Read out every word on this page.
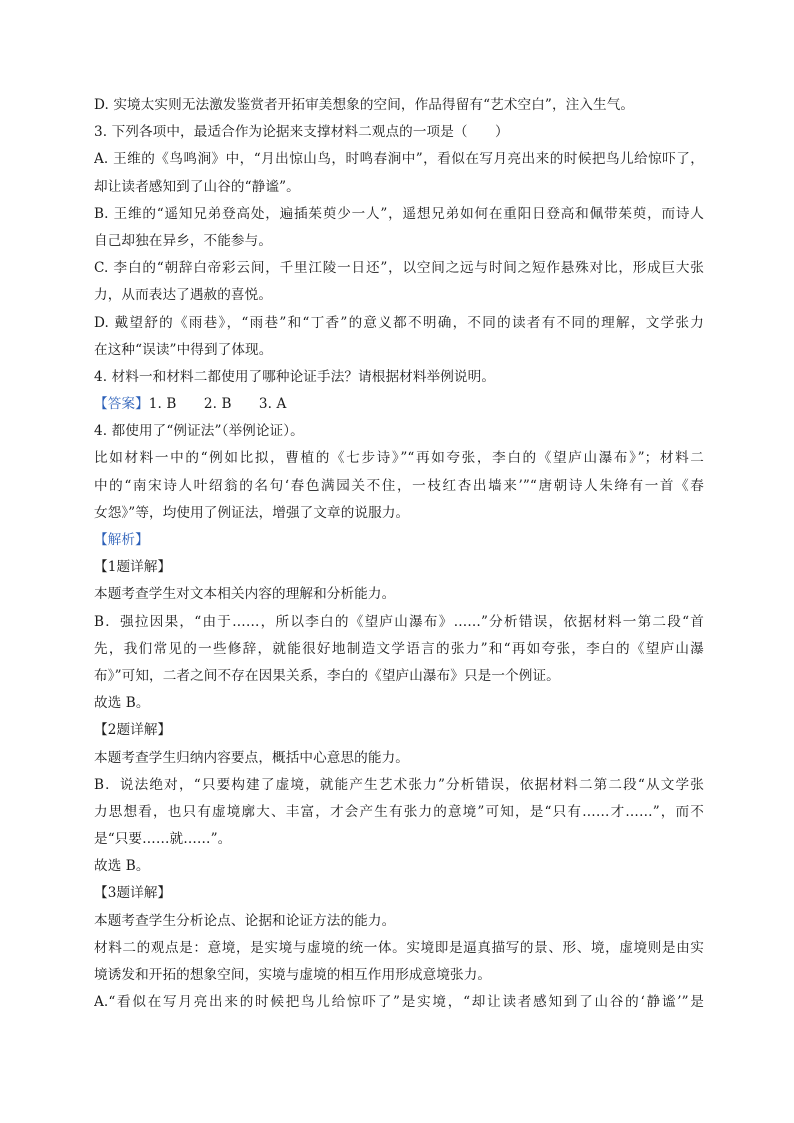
D. 实境太实则无法激发鉴赏者开拓审美想象的空间，作品得留有“艺术空白”，注入生气。
3. 下列各项中，最适合作为论据来支撑材料二观点的一项是（　　）
A. 王维的《鸟鸣涧》中，“月出惊山鸟，时鸣春涧中”，看似在写月亮出来的时候把鸟儿给惊吓了，
却让读者感知到了山谷的“静谧”。
B. 王维的“遥知兄弟登高处，遍插茱萸少一人”，遥想兄弟如何在重阳日登高和佩带茱萸，而诗人
自己却独在异乡，不能参与。
C. 李白的“朝辞白帝彩云间，千里江陵一日还”，以空间之远与时间之短作悬殊对比，形成巨大张
力，从而表达了遇赦的喜悦。
D. 戴望舒的《雨巷》，“雨巷”和“丁香”的意义都不明确，不同的读者有不同的理解，文学张力
在这种“误读”中得到了体现。
4. 材料一和材料二都使用了哪种论证手法？请根据材料举例说明。
【答案】1. B　　2. B　　3. A
4. 都使用了“例证法”（举例论证）。
比如材料一中的“例如比拟，曹植的《七步诗》”“再如夸张，李白的《望庐山瀑布》”；材料二
中的“南宋诗人叶绍翁的名句‘春色满园关不住，一枝红杏出墙来’”“唐朝诗人朱绛有一首《春
女怨》”等，均使用了例证法，增强了文章的说服力。
【解析】
【1题详解】
本题考查学生对文本相关内容的理解和分析能力。
B．强拉因果，“由于……，所以李白的《望庐山瀑布》……”分析错误，依据材料一第二段“首
先，我们常见的一些修辞，就能很好地制造文学语言的张力”和“再如夸张，李白的《望庐山瀑
布》”可知，二者之间不存在因果关系，李白的《望庐山瀑布》只是一个例证。
故选 B。
【2题详解】
本题考查学生归纳内容要点，概括中心意思的能力。
B．说法绝对，“只要构建了虚境，就能产生艺术张力”分析错误，依据材料二第二段“从文学张
力思想看，也只有虚境廓大、丰富，才会产生有张力的意境”可知，是“只有……才……”，而不
是“只要……就……”。
故选 B。
【3题详解】
本题考查学生分析论点、论据和论证方法的能力。
材料二的观点是：意境，是实境与虚境的统一体。实境即是逼真描写的景、形、境，虚境则是由实
境诱发和开拓的想象空间，实境与虚境的相互作用形成意境张力。
A.“看似在写月亮出来的时候把鸟儿给惊吓了”是实境，“却让读者感知到了山谷的‘静谧’”是
